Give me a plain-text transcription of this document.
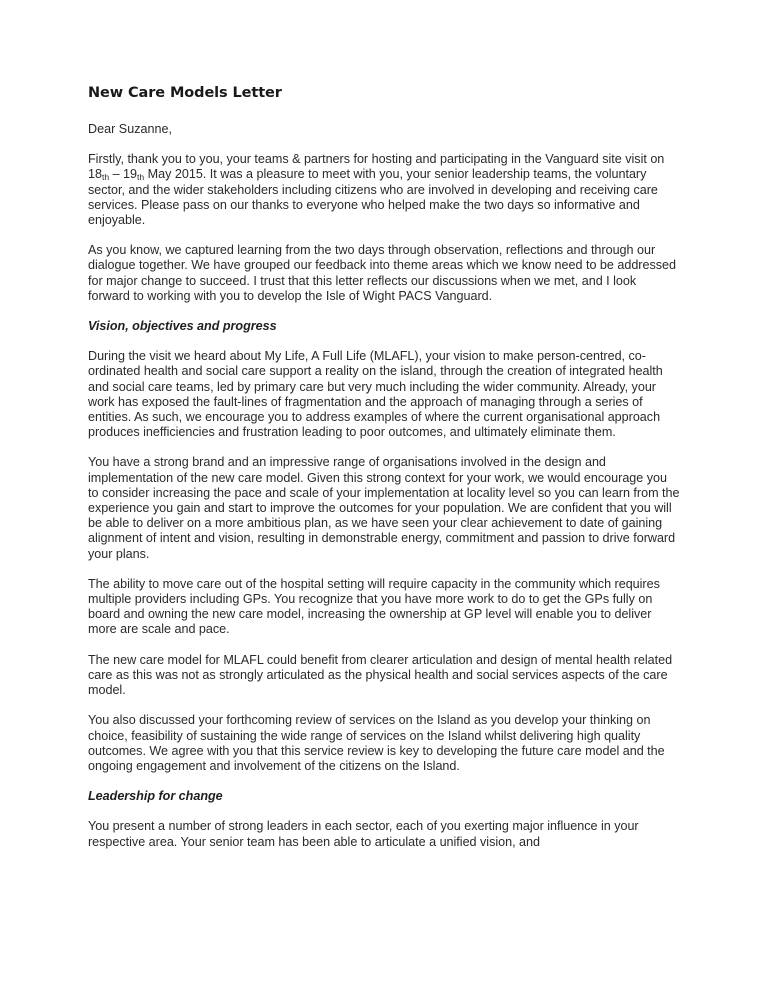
New Care Models Letter

Dear Suzanne,

Firstly, thank you to you, your teams & partners for hosting and participating in the Vanguard site visit on 18th – 19th May 2015. It was a pleasure to meet with you, your senior leadership teams, the voluntary sector, and the wider stakeholders including citizens who are involved in developing and receiving care services. Please pass on our thanks to everyone who helped make the two days so informative and enjoyable.

As you know, we captured learning from the two days through observation, reflections and through our dialogue together. We have grouped our feedback into theme areas which we know need to be addressed for major change to succeed. I trust that this letter reflects our discussions when we met, and I look forward to working with you to develop the Isle of Wight PACS Vanguard.

Vision, objectives and progress

During the visit we heard about My Life, A Full Life (MLAFL), your vision to make person-centred, co-ordinated health and social care support a reality on the island, through the creation of integrated health and social care teams, led by primary care but very much including the wider community. Already, your work has exposed the fault-lines of fragmentation and the approach of managing through a series of entities. As such, we encourage you to address examples of where the current organisational approach produces inefficiencies and frustration leading to poor outcomes, and ultimately eliminate them.

You have a strong brand and an impressive range of organisations involved in the design and implementation of the new care model. Given this strong context for your work, we would encourage you to consider increasing the pace and scale of your implementation at locality level so you can learn from the experience you gain and start to improve the outcomes for your population. We are confident that you will be able to deliver on a more ambitious plan, as we have seen your clear achievement to date of gaining alignment of intent and vision, resulting in demonstrable energy, commitment and passion to drive forward your plans.

The ability to move care out of the hospital setting will require capacity in the community which requires multiple providers including GPs. You recognize that you have more work to do to get the GPs fully on board and owning the new care model, increasing the ownership at GP level will enable you to deliver more are scale and pace.

The new care model for MLAFL could benefit from clearer articulation and design of mental health related care as this was not as strongly articulated as the physical health and social services aspects of the care model.

You also discussed your forthcoming review of services on the Island as you develop your thinking on choice, feasibility of sustaining the wide range of services on the Island whilst delivering high quality outcomes. We agree with you that this service review is key to developing the future care model and the ongoing engagement and involvement of the citizens on the Island.

Leadership for change

You present a number of strong leaders in each sector, each of you exerting major influence in your respective area. Your senior team has been able to articulate a unified vision, and
